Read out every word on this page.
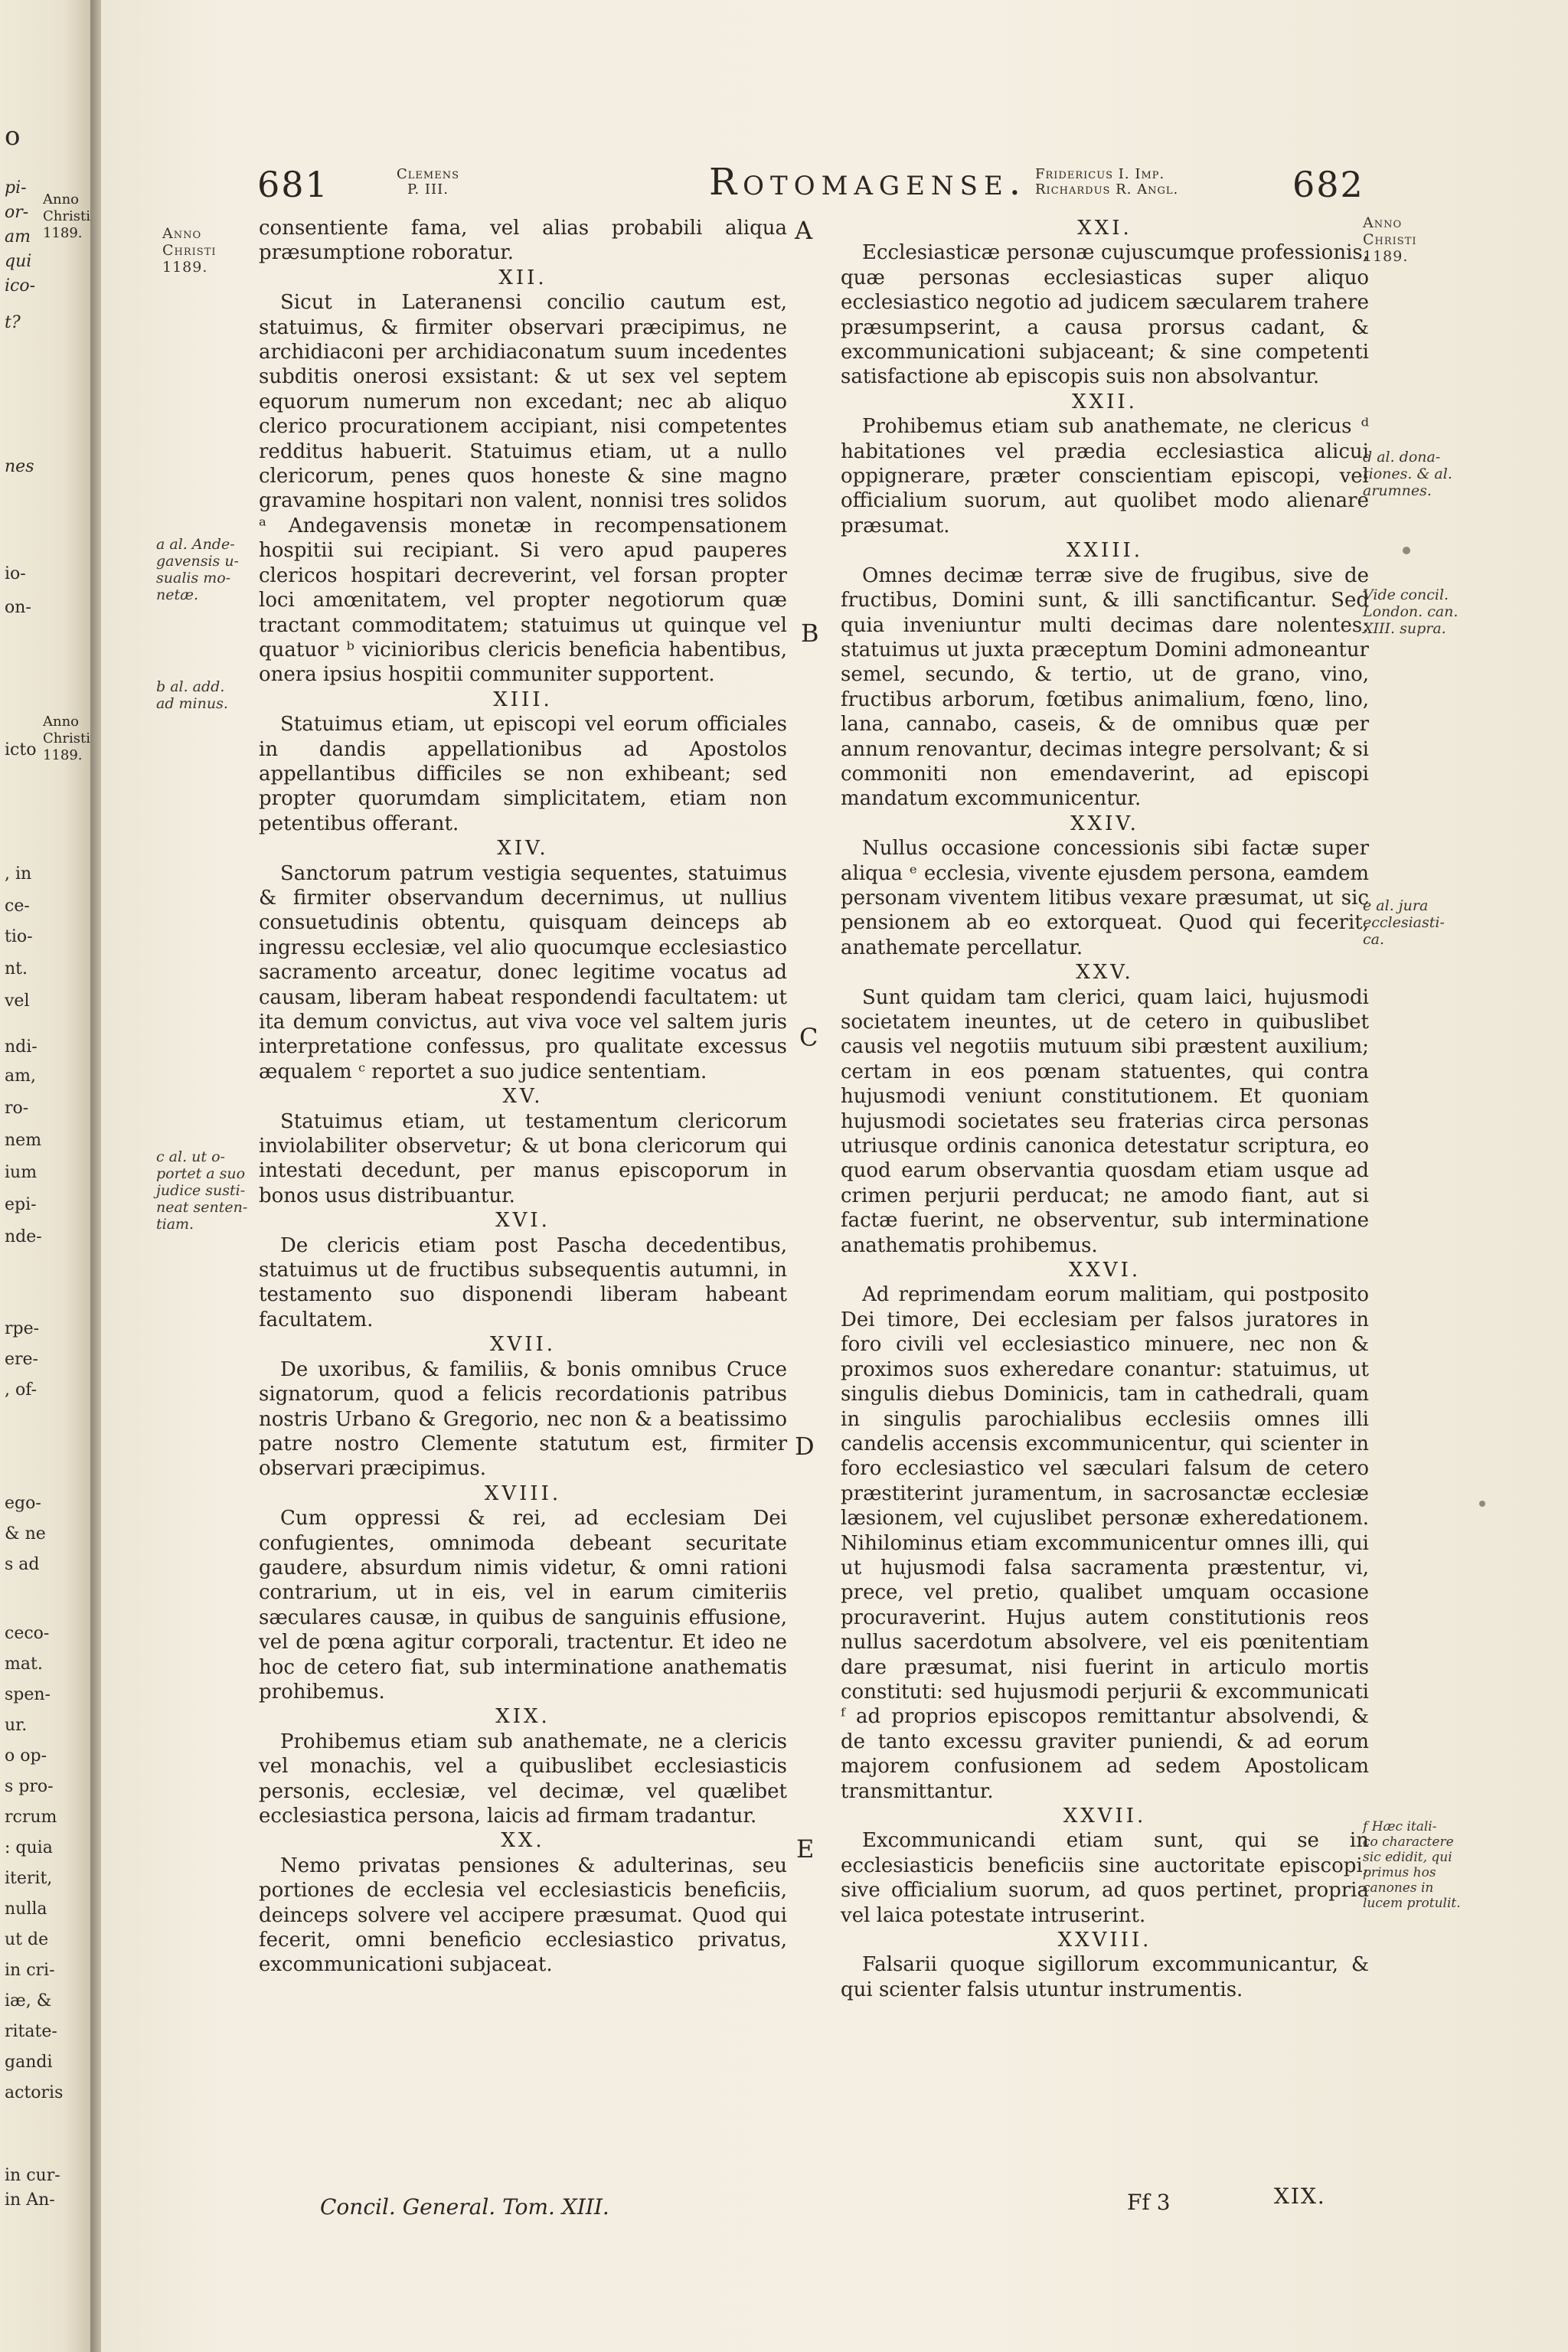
o
pi-
or-
am
qui
ico-
t?
nes
io-
on-
icto
, in
ce-
tio-
nt.
vel
ndi-
am,
ro-
nem
ium
epi-
nde-
rpe-
ere-
, of-
ego-
& ne
s ad
ceco-
mat.
spen-
ur.
o op-
s pro-
rcrum
: quia
iterit,
nulla
ut de
in cri-
iæ, &
ritate-
gandi
actoris
in cur-
in An-
Anno Christi 1189.
Anno Christi 1189.
681	Clemens
P. III.	Rotomagense. Fridericus I. Imp.
Richardus R. Angl.	682
Anno
Christi
1189.
a al. Ande-
gavensis u-
sualis mo-
netæ.
b al. add.
ad minus.
c al. ut o-
portet a suo
judice susti-
neat senten-
tiam.
A
B
C
D
E

consentiente fama, vel alias probabili aliqua præsumptione roboratur.

XII.

Sicut in Lateranensi concilio cautum est, statuimus, & firmiter observari præcipimus, ne archidiaconi per archidiaconatum suum incedentes subditis onerosi exsistant: & ut sex vel septem equorum numerum non excedant; nec ab aliquo clerico procurationem accipiant, nisi competentes redditus habuerit. Statuimus etiam, ut a nullo clericorum, penes quos honeste & sine magno gravamine hospitari non valent, nonnisi tres solidos ᵃ Andegavensis monetæ in recompensationem hospitii sui recipiant. Si vero apud pauperes clericos hospitari decreverint, vel forsan propter loci amœnitatem, vel propter negotiorum quæ tractant commoditatem; statuimus ut quinque vel quatuor ᵇ vicinioribus clericis beneficia habentibus, onera ipsius hospitii communiter supportent.

XIII.

Statuimus etiam, ut episcopi vel eorum officiales in dandis appellationibus ad Apostolos appellantibus difficiles se non exhibeant; sed propter quorumdam simplicitatem, etiam non petentibus offerant.

XIV.

Sanctorum patrum vestigia sequentes, statuimus & firmiter observandum decernimus, ut nullius consuetudinis obtentu, quisquam deinceps ab ingressu ecclesiæ, vel alio quocumque ecclesiastico sacramento arceatur, donec legitime vocatus ad causam, liberam habeat respondendi facultatem: ut ita demum convictus, aut viva voce vel saltem juris interpretatione confessus, pro qualitate excessus æqualem ᶜ reportet a suo judice sententiam.

XV.

Statuimus etiam, ut testamentum clericorum inviolabiliter observetur; & ut bona clericorum qui intestati decedunt, per manus episcoporum in bonos usus distribuantur.

XVI.

De clericis etiam post Pascha decedentibus, statuimus ut de fructibus subsequentis autumni, in testamento suo disponendi liberam habeant facultatem.

XVII.

De uxoribus, & familiis, & bonis omnibus Cruce signatorum, quod a felicis recordationis patribus nostris Urbano & Gregorio, nec non & a beatissimo patre nostro Clemente statutum est, firmiter observari præcipimus.

XVIII.

Cum oppressi & rei, ad ecclesiam Dei confugientes, omnimoda debeant securitate gaudere, absurdum nimis videtur, & omni rationi contrarium, ut in eis, vel in earum cimiteriis sæculares causæ, in quibus de sanguinis effusione, vel de pœna agitur corporali, tractentur. Et ideo ne hoc de cetero fiat, sub interminatione anathematis prohibemus.

XIX.

Prohibemus etiam sub anathemate, ne a clericis vel monachis, vel a quibuslibet ecclesiasticis personis, ecclesiæ, vel decimæ, vel quælibet ecclesiastica persona, laicis ad firmam tradantur.

XX.

Nemo privatas pensiones & adulterinas, seu portiones de ecclesia vel ecclesiasticis beneficiis, deinceps solvere vel accipere præsumat. Quod qui fecerit, omni beneficio ecclesiastico privatus, excommunicationi subjaceat.

XXI.

Ecclesiasticæ personæ cujuscumque professionis, quæ personas ecclesiasticas super aliquo ecclesiastico negotio ad judicem sæcularem trahere præsumpserint, a causa prorsus cadant, & excommunicationi subjaceant; & sine competenti satisfactione ab episcopis suis non absolvantur.

XXII.

Prohibemus etiam sub anathemate, ne clericus ᵈ habitationes vel prædia ecclesiastica alicui oppignerare, præter conscientiam episcopi, vel officialium suorum, aut quolibet modo alienare præsumat.

XXIII.

Omnes decimæ terræ sive de frugibus, sive de fructibus, Domini sunt, & illi sanctificantur. Sed quia inveniuntur multi decimas dare nolentes: statuimus ut juxta præceptum Domini admoneantur semel, secundo, & tertio, ut de grano, vino, fructibus arborum, fœtibus animalium, fœno, lino, lana, cannabo, caseis, & de omnibus quæ per annum renovantur, decimas integre persolvant; & si commoniti non emendaverint, ad episcopi mandatum excommunicentur.

XXIV.

Nullus occasione concessionis sibi factæ super aliqua ᵉ ecclesia, vivente ejusdem persona, eamdem personam viventem litibus vexare præsumat, ut sic pensionem ab eo extorqueat. Quod qui fecerit, anathemate percellatur.

XXV.

Sunt quidam tam clerici, quam laici, hujusmodi societatem ineuntes, ut de cetero in quibuslibet causis vel negotiis mutuum sibi præstent auxilium; certam in eos pœnam statuentes, qui contra hujusmodi veniunt constitutionem. Et quoniam hujusmodi societates seu fraterias circa personas utriusque ordinis canonica detestatur scriptura, eo quod earum observantia quosdam etiam usque ad crimen perjurii perducat; ne amodo fiant, aut si factæ fuerint, ne observentur, sub interminatione anathematis prohibemus.

XXVI.

Ad reprimendam eorum malitiam, qui postposito Dei timore, Dei ecclesiam per falsos juratores in foro civili vel ecclesiastico minuere, nec non & proximos suos exheredare conantur: statuimus, ut singulis diebus Dominicis, tam in cathedrali, quam in singulis parochialibus ecclesiis omnes illi candelis accensis excommunicentur, qui scienter in foro ecclesiastico vel sæculari falsum de cetero præstiterint juramentum, in sacrosanctæ ecclesiæ læsionem, vel cujuslibet personæ exheredationem. Nihilominus etiam excommunicentur omnes illi, qui ut hujusmodi falsa sacramenta præstentur, vi, prece, vel pretio, qualibet umquam occasione procuraverint. Hujus autem constitutionis reos nullus sacerdotum absolvere, vel eis pœnitentiam dare præsumat, nisi fuerint in articulo mortis constituti: sed hujusmodi perjurii & excommunicati ᶠ ad proprios episcopos remittantur absolvendi, & de tanto excessu graviter puniendi, & ad eorum majorem confusionem ad sedem Apostolicam transmittantur.

XXVII.

Excommunicandi etiam sunt, qui se in ecclesiasticis beneficiis sine auctoritate episcopi, sive officialium suorum, ad quos pertinet, propria vel laica potestate intruserint.

XXVIII.

Falsarii quoque sigillorum excommunicantur, & qui scienter falsis utuntur instrumentis.

Anno
Christi
1189.
d al. dona-
tiones. & al.
arumnes.
Vide concil.
London. can.
XIII. supra.
e al. jura
ecclesiasti-
ca.
f Hæc itali-
co charactere
sic edidit, qui
primus hos
canones in
lucem protulit.
Concil. General. Tom. XIII.	Ff 3	XIX.
